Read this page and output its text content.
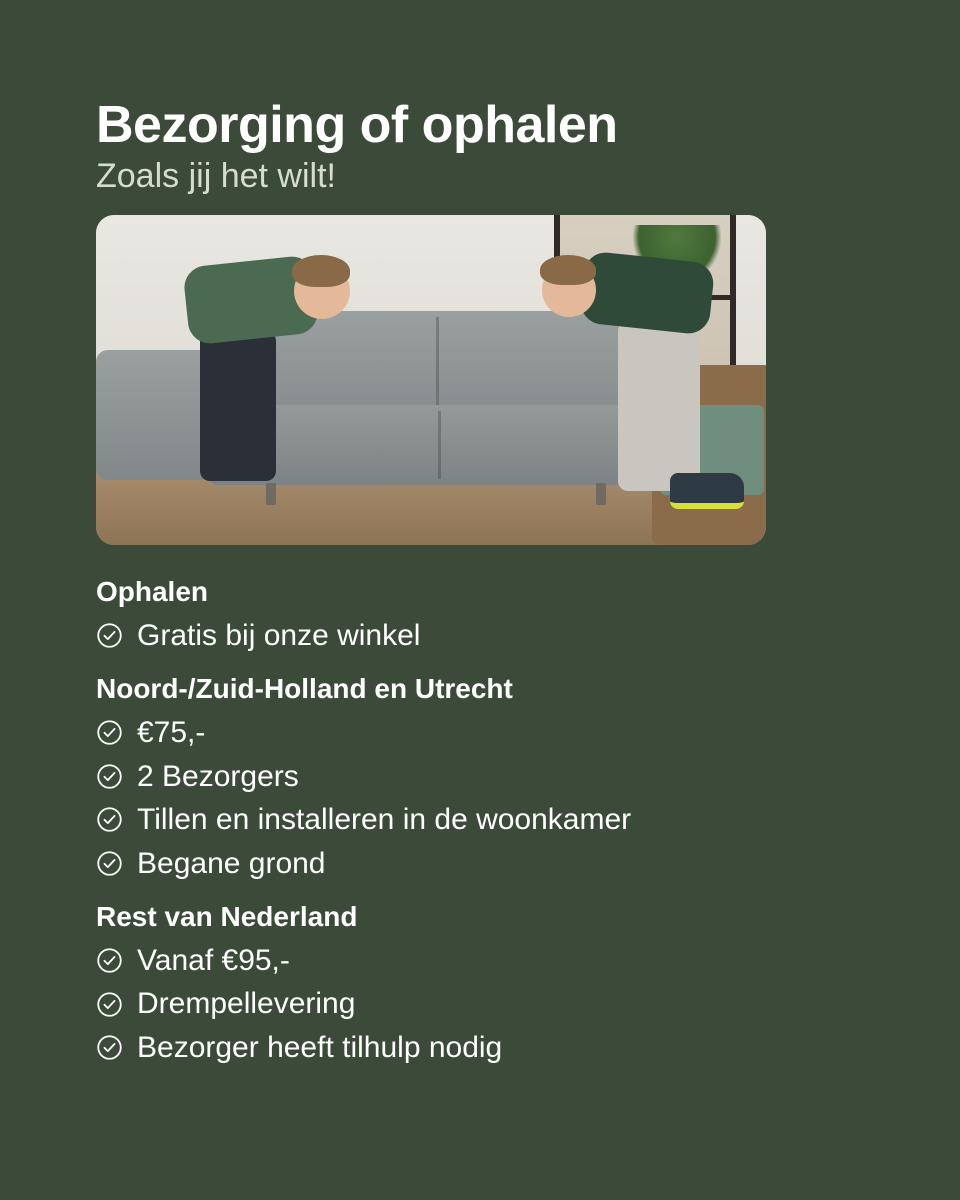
Bezorging of ophalen

Zoals jij het wilt!

Ophalen
Gratis bij onze winkel
Noord-/Zuid-Holland en Utrecht
€75,-
2 Bezorgers
Tillen en installeren in de woonkamer
Begane grond
Rest van Nederland
Vanaf €95,-
Drempellevering
Bezorger heeft tilhulp nodig
